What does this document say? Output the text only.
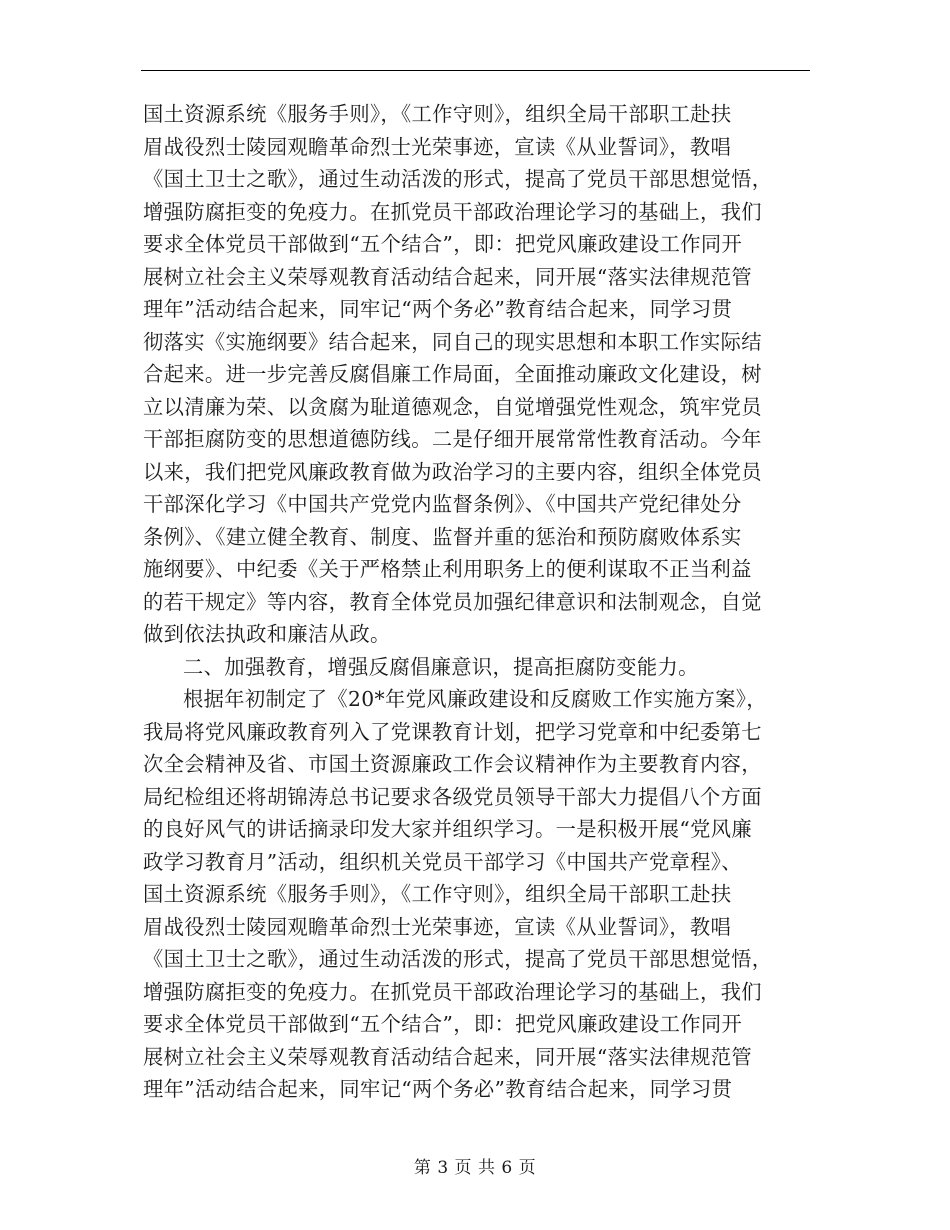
国土资源系统《服务手则》，《工作守则》，组织全局干部职工赴扶
眉战役烈士陵园观瞻革命烈士光荣事迹，宣读《从业誓词》，教唱
《国土卫士之歌》，通过生动活泼的形式，提高了党员干部思想觉悟，
增强防腐拒变的免疫力。在抓党员干部政治理论学习的基础上，我们
要求全体党员干部做到“五个结合”，即：把党风廉政建设工作同开
展树立社会主义荣辱观教育活动结合起来，同开展“落实法律规范管
理年”活动结合起来，同牢记“两个务必”教育结合起来，同学习贯
彻落实《实施纲要》结合起来，同自己的现实思想和本职工作实际结
合起来。进一步完善反腐倡廉工作局面，全面推动廉政文化建设，树
立以清廉为荣、以贪腐为耻道德观念，自觉增强党性观念，筑牢党员
干部拒腐防变的思想道德防线。二是仔细开展常常性教育活动。今年
以来，我们把党风廉政教育做为政治学习的主要内容，组织全体党员
干部深化学习《中国共产党党内监督条例》、《中国共产党纪律处分
条例》、《建立健全教育、制度、监督并重的惩治和预防腐败体系实
施纲要》、中纪委《关于严格禁止利用职务上的便利谋取不正当利益
的若干规定》等内容，教育全体党员加强纪律意识和法制观念，自觉
做到依法执政和廉洁从政。
二、加强教育，增强反腐倡廉意识，提高拒腐防变能力。
根据年初制定了《20*年党风廉政建设和反腐败工作实施方案》，
我局将党风廉政教育列入了党课教育计划，把学习党章和中纪委第七
次全会精神及省、市国土资源廉政工作会议精神作为主要教育内容，
局纪检组还将胡锦涛总书记要求各级党员领导干部大力提倡八个方面
的良好风气的讲话摘录印发大家并组织学习。一是积极开展“党风廉
政学习教育月”活动，组织机关党员干部学习《中国共产党章程》、
国土资源系统《服务手则》，《工作守则》，组织全局干部职工赴扶
眉战役烈士陵园观瞻革命烈士光荣事迹，宣读《从业誓词》，教唱
《国土卫士之歌》，通过生动活泼的形式，提高了党员干部思想觉悟，
增强防腐拒变的免疫力。在抓党员干部政治理论学习的基础上，我们
要求全体党员干部做到“五个结合”，即：把党风廉政建设工作同开
展树立社会主义荣辱观教育活动结合起来，同开展“落实法律规范管
理年”活动结合起来，同牢记“两个务必”教育结合起来，同学习贯
第 3 页 共 6 页
